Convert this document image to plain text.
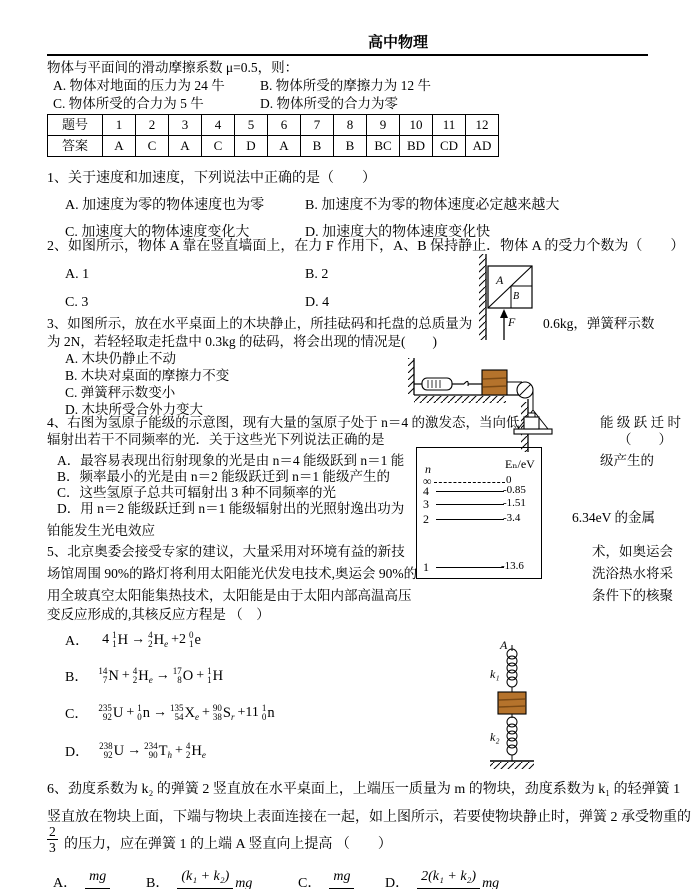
高中物理
物体与平面间的滑动摩擦系数 μ=0.5，则：
A. 物体对地面的压力为 24 牛	B. 物体所受的摩擦力为 12 牛
C. 物体所受的合力为 5 牛	D. 物体所受的合力为零
题号	1	2	3	4	5	6	7	8	9	10	11	12
答案	A	C	A	C	D	A	B	B	BC	BD	CD	AD
1、关于速度和加速度，下列说法中正确的是（　　）
A. 加速度为零的物体速度也为零	B. 加速度不为零的物体速度必定越来越大
C. 加速度大的物体速度变化大	D. 加速度大的物体速度变化快
2、如图所示，物体 A 靠在竖直墙面上，在力 F 作用下，A、B 保持静止．物体 A 的受力个数为（　　）
A. 1	B. 2
C. 3	D. 4
A
B
F
3、如图所示，放在水平桌面上的木块静止，所挂砝码和托盘的总质量为	0.6kg，弹簧秤示数
为 2N，若轻轻取走托盘中 0.3kg 的砝码，将会出现的情况是(　　)
A. 木块仍静止不动
B. 木块对桌面的摩擦力不变
C. 弹簧秤示数变小
D. 木块所受合外力变大
4、右图为氢原子能级的示意图，现有大量的氢原子处于 n＝4 的激发态，当向低	能 级 跃 迁 时
辐射出若干不同频率的光．关于这些光下列说法正确的是	（　　）
A．最容易表现出衍射现象的光是由 n＝4 能级跃到 n＝1 能	级产生的
B．频率最小的光是由 n＝2 能级跃迁到 n＝1 能级产生的
C．这些氢原子总共可辐射出 3 种不同频率的光
D．用 n＝2 能级跃迁到 n＝1 能级辐射出的光照射逸出功为
6.34eV 的金属
铂能发生光电效应
n	Eₙ/eV
∞	0
4	-0.85
3	-1.51
2	-3.4
1	-13.6
5、北京奥委会接受专家的建议，大量采用对环境有益的新技	术，如奥运会
场馆周围 90%的路灯将利用太阳能光伏发电技术,奥运会 90%的	洗浴热水将采
用全玻真空太阳能集热技术，太阳能是由于太阳内部高温高压	条件下的核聚
变反应形成的,其核反应方程是 （　）
A． 4 1
1 H → 4
2 H e +2 0
1 e
B． 14
7 N + 4
2 H e → 17
8 O + 1
1 H
C． 235
92 U + 1
0 n → 135
54 X e + 90
38 S r +11 1
0 n
D． 238
92 U → 234
90 T h + 4
2 H e
A
k₁
k₂
6、劲度系数为 k₂ 的弹簧 2 竖直放在水平桌面上，上端压一质量为 m 的物块，劲度系数为 k₁ 的轻弹簧 1
竖直放在物块上面，下端与物块上表面连接在一起，如上图所示，若要使物块静止时，弹簧 2 承受物重的
$\frac{2}{3}$ 的压力，应在弹簧 1 的上端 A 竖直向上提高 （　　）
A． mg	B． (k₁ + k₂) mg	C． mg D． 2(k₁ + k₂) mg
